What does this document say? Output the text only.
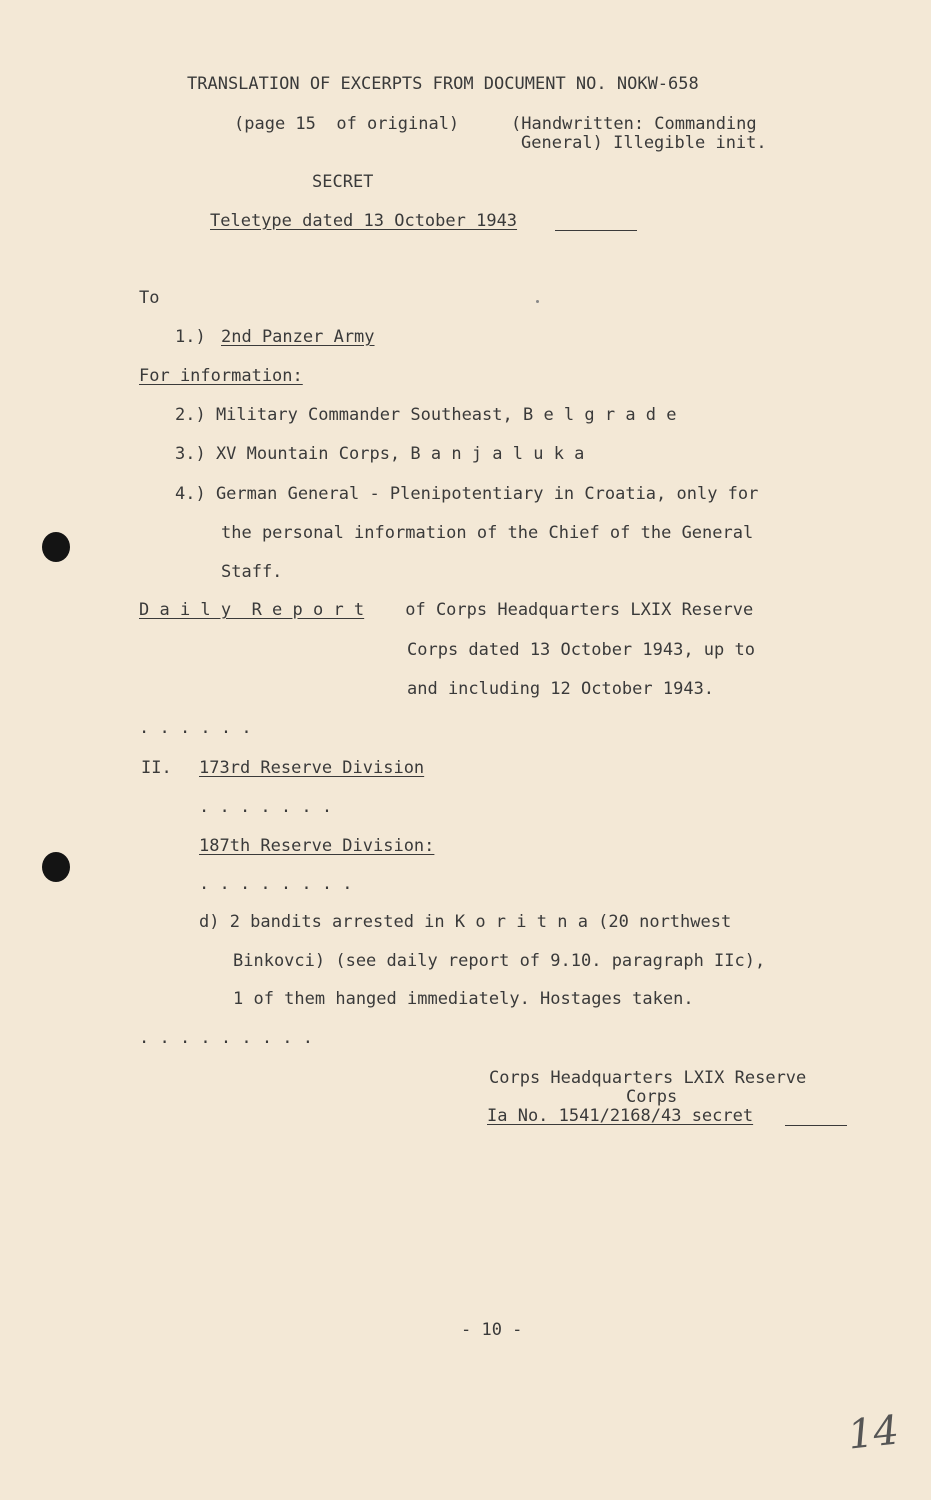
TRANSLATION OF EXCERPTS FROM DOCUMENT NO. NOKW-658
(page 15  of original)	(Handwritten: Commanding
General) Illegible init.
SECRET
Teletype dated 13 October 1943
To
1.) 2nd Panzer Army
For information:
2.) Military Commander Southeast, B e l g r a d e
3.) XV Mountain Corps, B a n j a l u k a
4.) German General - Plenipotentiary in Croatia, only for
the personal information of the Chief of the General
Staff.
D a i l y  R e p o r t of Corps Headquarters LXIX Reserve
Corps dated 13 October 1943, up to
and including 12 October 1943.
. . . . . .
II. 173rd Reserve Division
. . . . . . .
187th Reserve Division:
. . . . . . . .
d) 2 bandits arrested in K o r i t n a (20 northwest
Binkovci) (see daily report of 9.10. paragraph IIc),
1 of them hanged immediately. Hostages taken.
. . . . . . . . .
Corps Headquarters LXIX Reserve
Corps
Ia No. 1541/2168/43 secret
- 10 -
14
